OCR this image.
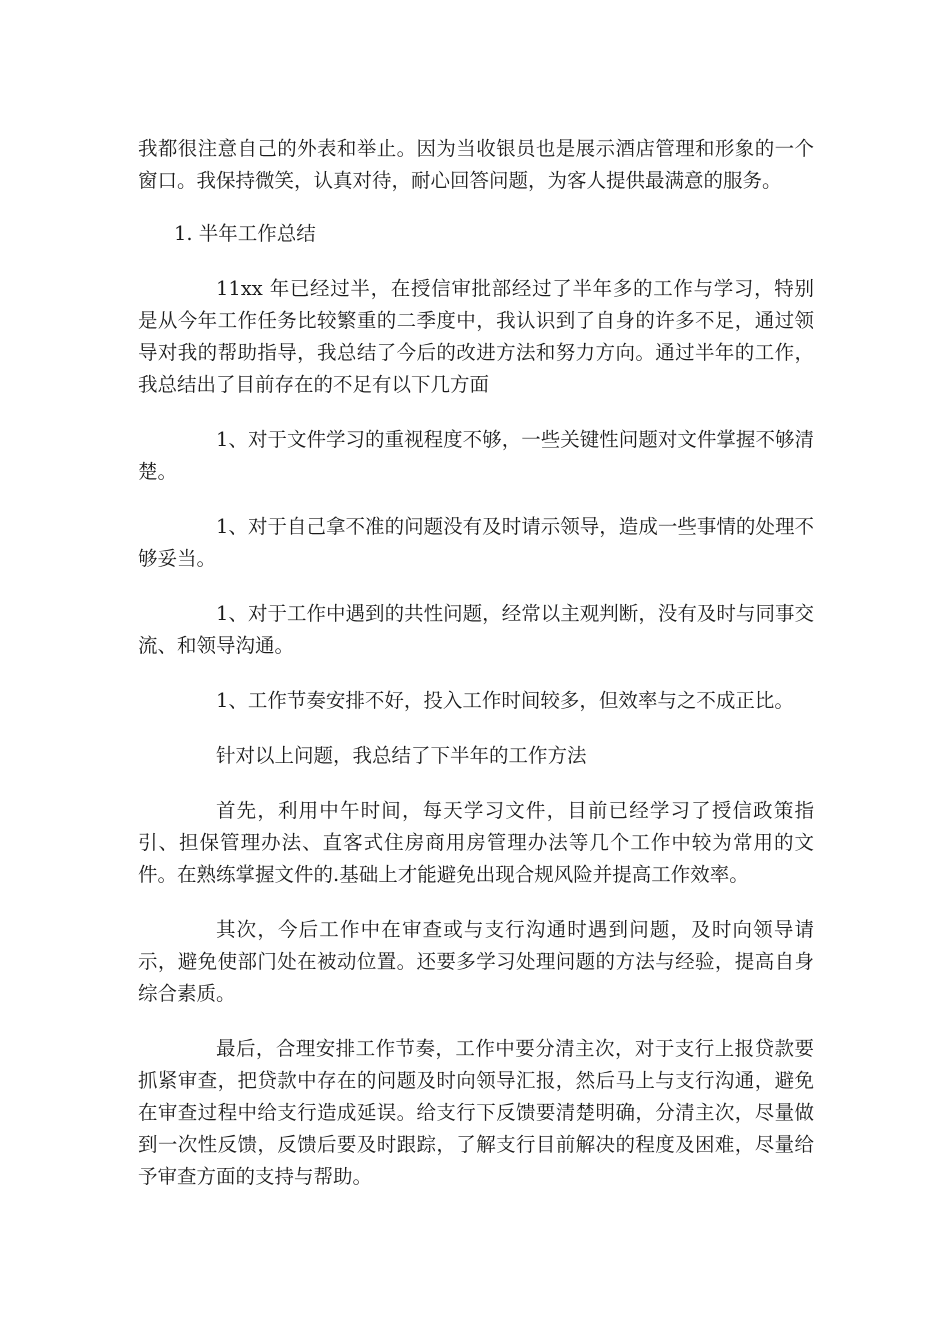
我都很注意自己的外表和举止。因为当收银员也是展示酒店管理和形象的一个窗口。我保持微笑，认真对待，耐心回答问题，为客人提供最满意的服务。

1. 半年工作总结

11xx 年已经过半，在授信审批部经过了半年多的工作与学习，特别是从今年工作任务比较繁重的二季度中，我认识到了自身的许多不足，通过领导对我的帮助指导，我总结了今后的改进方法和努力方向。通过半年的工作，我总结出了目前存在的不足有以下几方面

1、对于文件学习的重视程度不够，一些关键性问题对文件掌握不够清楚。

1、对于自己拿不准的问题没有及时请示领导，造成一些事情的处理不够妥当。

1、对于工作中遇到的共性问题，经常以主观判断，没有及时与同事交流、和领导沟通。

1、工作节奏安排不好，投入工作时间较多，但效率与之不成正比。

针对以上问题，我总结了下半年的工作方法

首先，利用中午时间，每天学习文件，目前已经学习了授信政策指引、担保管理办法、直客式住房商用房管理办法等几个工作中较为常用的文件。在熟练掌握文件的.基础上才能避免出现合规风险并提高工作效率。

其次，今后工作中在审查或与支行沟通时遇到问题，及时向领导请示，避免使部门处在被动位置。还要多学习处理问题的方法与经验，提高自身综合素质。

最后，合理安排工作节奏，工作中要分清主次，对于支行上报贷款要抓紧审查，把贷款中存在的问题及时向领导汇报，然后马上与支行沟通，避免在审查过程中给支行造成延误。给支行下反馈要清楚明确，分清主次，尽量做到一次性反馈，反馈后要及时跟踪，了解支行目前解决的程度及困难，尽量给予审查方面的支持与帮助。
